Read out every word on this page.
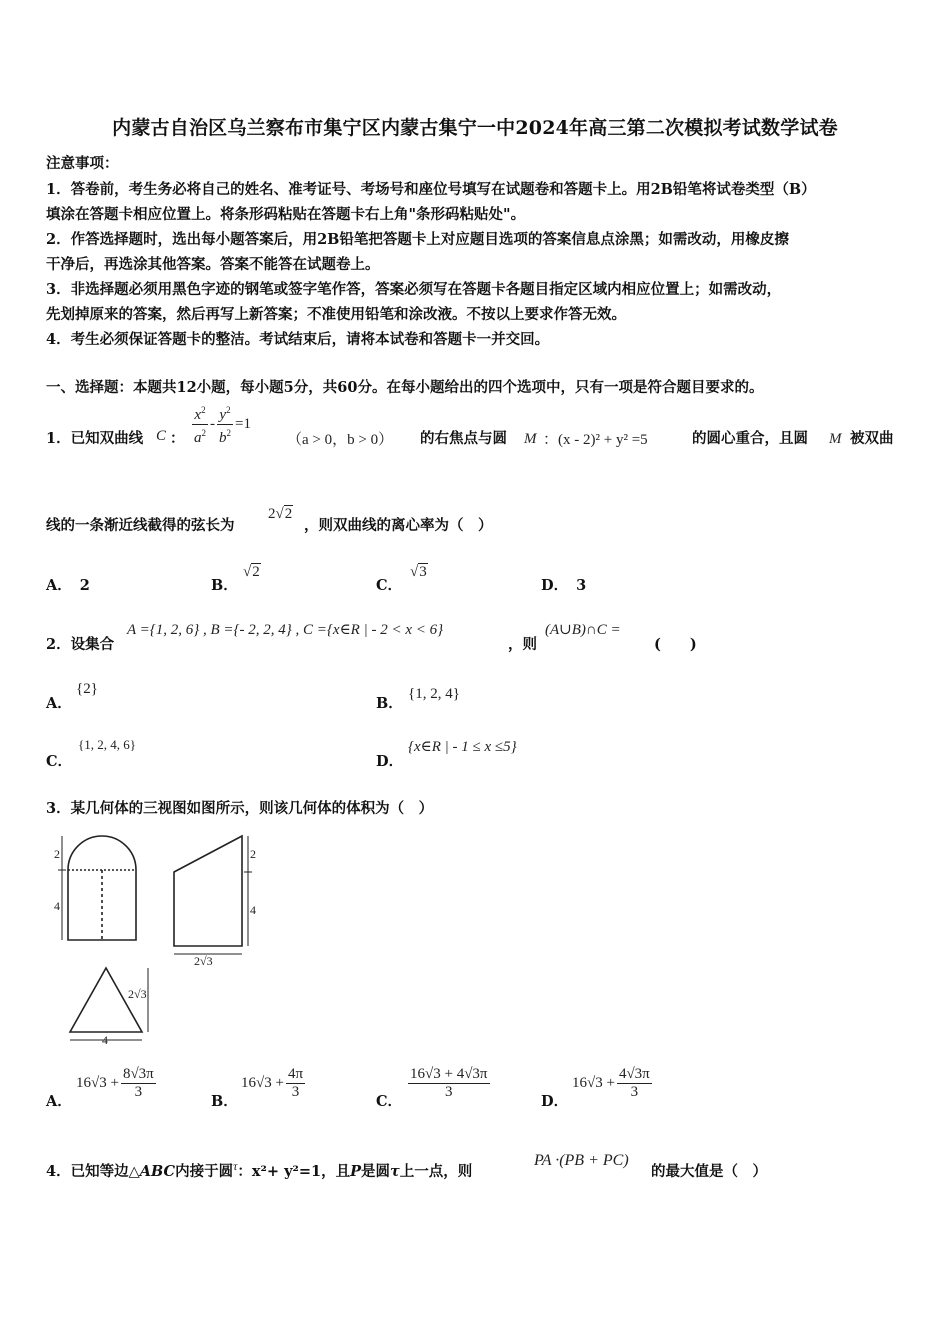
内蒙古自治区乌兰察布市集宁区内蒙古集宁一中2024年高三第二次模拟考试数学试卷
注意事项：
1．答卷前，考生务必将自己的姓名、准考证号、考场号和座位号填写在试题卷和答题卡上。用2B铅笔将试卷类型（B）
填涂在答题卡相应位置上。将条形码粘贴在答题卡右上角"条形码粘贴处"。
2．作答选择题时，选出每小题答案后，用2B铅笔把答题卡上对应题目选项的答案信息点涂黑；如需改动，用橡皮擦
干净后，再选涂其他答案。答案不能答在试题卷上。
3．非选择题必须用黑色字迹的钢笔或签字笔作答，答案必须写在答题卡各题目指定区域内相应位置上；如需改动，
先划掉原来的答案，然后再写上新答案；不准使用铅笔和涂改液。不按以上要求作答无效。
4．考生必须保证答题卡的整洁。考试结束后，请将本试卷和答题卡一并交回。
一、选择题：本题共12小题，每小题5分，共60分。在每小题给出的四个选项中，只有一项是符合题目要求的。
1．已知双曲线 C ： $\frac{x^2}{a^2} - \frac{y^2}{b^2} =1$
（a > 0，b > 0） 的右焦点与圆 M ：(x - 2)² + y² =5	的圆心重合，且圆 M 被双曲
线的一条渐近线截得的弦长为
2√2
，则双曲线的离心率为（　）
A． 2	B．
√2
C．
√3
D． 3
2．设集合
A ={1, 2, 6} , B ={- 2, 2, 4} , C ={x∈R | - 2 < x < 6}
，则
(A∪B)∩C =
(　　)
A．
{2}
B．
{1, 2, 4}
C．
{1, 2, 4, 6}
D．
{x∈R | - 1 ≤ x ≤5}
3．某几何体的三视图如图所示，则该几何体的体积为（　）
2
4
2
4
2√3
2√3
4
A．
$16√3 + \frac{8√3\pi}{3}$
B．
$16√3 + \frac{4\pi}{3}$
C．
$\frac{16√3 + 4√3\pi}{3}$
D．
$16√3 + \frac{4√3\pi}{3}$
4．已知等边△ABC内接于圆$^\tau$：x²+ y²=1，且P是圆τ上一点，则
PA ·(PB + PC)
的最大值是（　）
